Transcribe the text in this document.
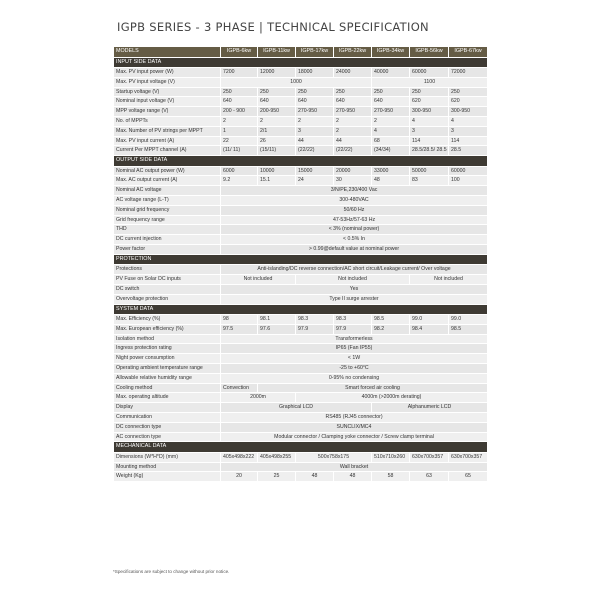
IGPB SERIES - 3 PHASE | TECHNICAL SPECIFICATION
MODELS	IGPB-6kw	IGPB-11kw	IGPB-17kw	IGPB-22kw	IGPB-34kw	IGPB-56kw	IGPB-67kw
INPUT SIDE DATA							
Max. PV input power (W)	7200	12000	18000	24000	40000	60000	72000
Max. PV input voltage (V)	1000				1100		
Startup voltage (V)	250	250	250	250	250	250	250
Nominal input voltage (V)	640	640	640	640	640	620	620
MPP voltage range (V)	200 - 900	200-950	270-950	270-950	270-950	300-950	300-950
No. of MPPTs	2	2	2	2	2	4	4
Max. Number of PV strings per MPPT	1	2/1	3	2	4	3	3
Max. PV input current (A)	22	26	44	44	68	114	114
Current Per MPPT channel (A)	(11/ 11)	(15/11)	(22/22)	(22/22)	(34/34)	28.5/28.5/ 28.5	28.5
OUTPUT SIDE DATA							
Nominal AC output power (W)	6000	10000	15000	20000	33000	50000	60000
Max. AC output current (A)	9.2	15.1	24	30	48	83	100
Nominal AC voltage	3/N/PE,230/400 Vac						
AC voltage range (L-T)	300-480VAC						
Nominal grid frequency	50/60 Hz						
Grid frequency range	47-53Hz/57-63 Hz						
THD	< 3% (nominal power)						
DC current injection	< 0.5% In						
Power factor	> 0.99@default value at nominal power						
PROTECTION							
Protections	Anti-islanding/DC reverse connection/AC short circuit/Leakage current/ Over voltage						
PV Fuse on Solar DC inputs	Not included		Not included			Not included	
DC switch	Yes						
Overvoltage protection	Type II surge arrester						
SYSTEM DATA							
Max. Efficiency (%)	98	98.1	98.3	98.3	98.5	99.0	99.0
Max. European efficiency (%)	97.5	97.6	97.9	97.9	98.2	98.4	98.5
Isolation method	Transformerless						
Ingress protection rating	IP65 (Fan IP55)						
Night power consumption	< 1W						
Operating ambient temperature range	-25 to +60°C						
Allowable relative humidity range	0-95% no condensing						
Cooling method	Convection	Smart forced air cooling					
Max. operating altitude	2000m		4000m (>2000m derating)				
Display	Graphical LCD				Alphanumeric LCD		
Communication	RS485 (RJ45 connector)						
DC connection type	SUNCLIX/MC4						
AC connection type	Modular connector / Clamping yoke connector / Screw clamp terminal						
MECHANICAL DATA							
Dimensions (W*H*D) (mm)	405x498x222	405x498x255	500x758x175		510x710x260	630x700x357	630x700x357
Mounting method	Wall bracket						
Weight (Kg)	20	25	48	48	58	63	65
*Specifications are subject to change without prior notice.
